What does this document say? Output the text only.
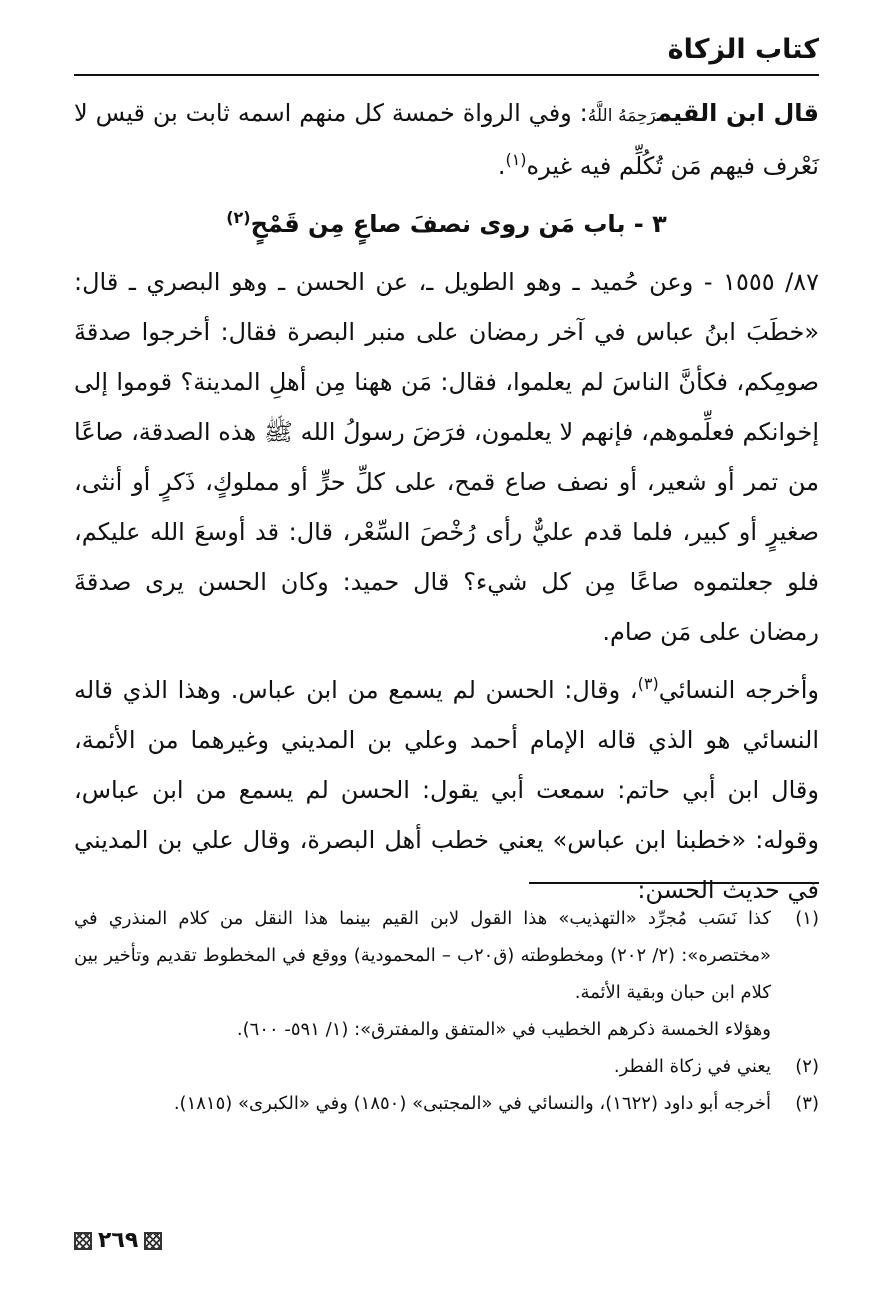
كتاب الزكاة

قال ابن القيمرَحِمَهُ اللَّهُ: وفي الرواة خمسة كل منهم اسمه ثابت بن قيس لا نَعْرف فيهم مَن تُكُلِّم فيه غيره$^{(١)}$.

٣ - باب مَن روى نصفَ صاعٍ مِن قَمْحٍ$^{(٢)}$

٨٧/ ١٥٥٥ - وعن حُميد ـ وهو الطويل ـ، عن الحسن ـ وهو البصري ـ قال: «خطَبَ ابنُ عباس في آخر رمضان على منبر البصرة فقال: أخرجوا صدقةَ صومِكم، فكأنَّ الناسَ لم يعلموا، فقال: مَن ههنا مِن أهلِ المدينة؟ قوموا إلى إخوانكم فعلِّموهم، فإنهم لا يعلمون، فرَضَ رسولُ الله ﷺ هذه الصدقة، صاعًا من تمر أو شعير، أو نصف صاع قمح، على كلِّ حرٍّ أو مملوكٍ، ذَكرٍ أو أنثى، صغيرٍ أو كبير، فلما قدم عليٌّ رأى رُخْصَ السِّعْر، قال: قد أوسعَ الله عليكم، فلو جعلتموه صاعًا مِن كل شيء؟ قال حميد: وكان الحسن يرى صدقةَ رمضان على مَن صام.

وأخرجه النسائي$^{(٣)}$، وقال: الحسن لم يسمع من ابن عباس. وهذا الذي قاله النسائي هو الذي قاله الإمام أحمد وعلي بن المديني وغيرهما من الأئمة، وقال ابن أبي حاتم: سمعت أبي يقول: الحسن لم يسمع من ابن عباس، وقوله: «خطبنا ابن عباس» يعني خطب أهل البصرة، وقال علي بن المديني في حديث الحسن:

(١)

كذا نَسَب مُجرِّد «التهذيب» هذا القول لابن القيم بينما هذا النقل من كلام المنذري في «مختصره»: (٢/ ٢٠٢) ومخطوطته (ق٢٠ب – المحمودية) ووقع في المخطوط تقديم وتأخير بين كلام ابن حبان وبقية الأئمة.

وهؤلاء الخمسة ذكرهم الخطيب في «المتفق والمفترق»: (١/ ٥٩١- ٦٠٠).

(٢)

يعني في زكاة الفطر.

(٣)

أخرجه أبو داود (١٦٢٢)، والنسائي في «المجتبى» (١٨٥٠) وفي «الكبرى» (١٨١٥).

٢٦٩
